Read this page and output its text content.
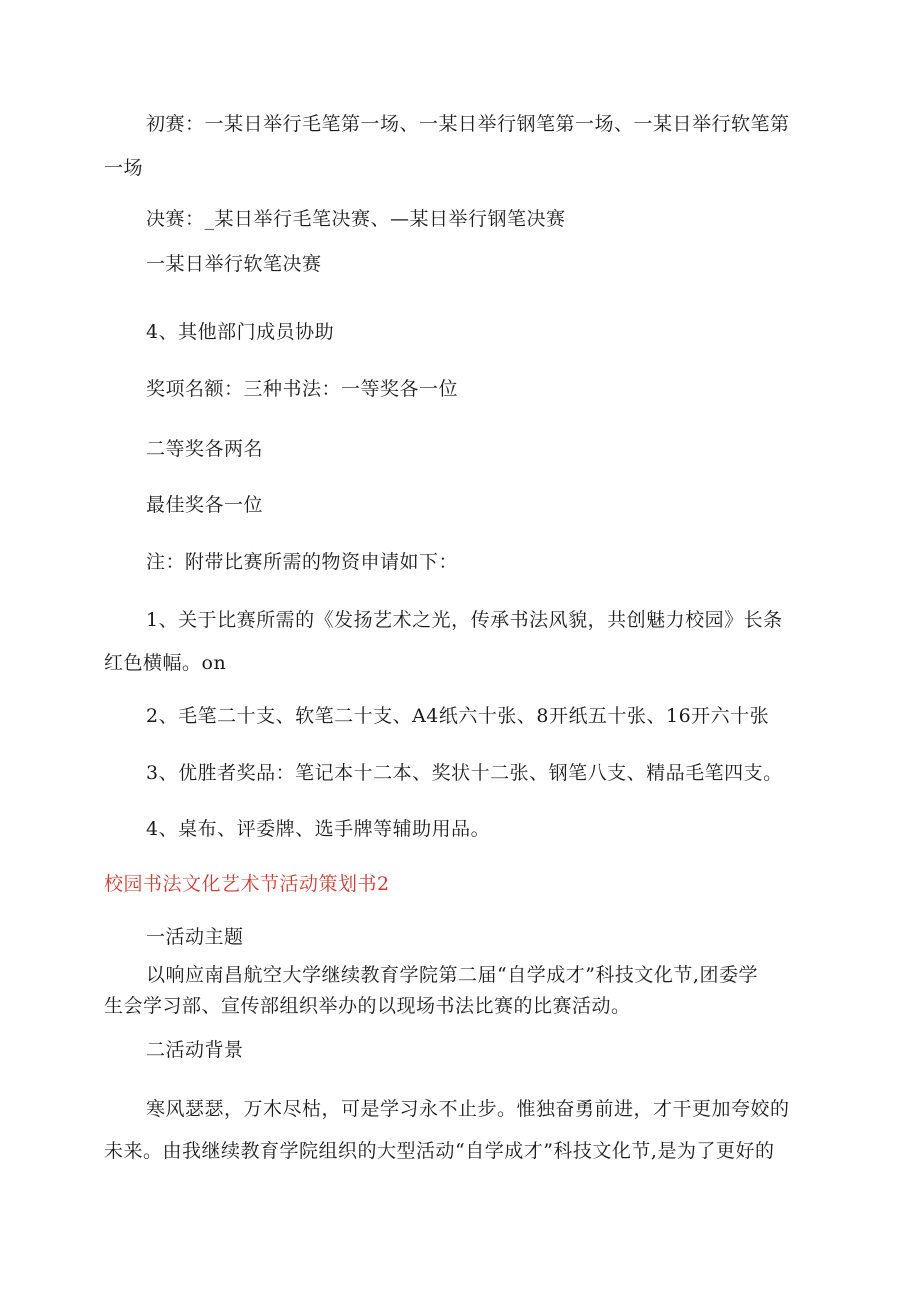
初赛：一某日举行毛笔第一场、一某日举行钢笔第一场、一某日举行软笔第
一场
决赛：_某日举行毛笔决赛、—某日举行钢笔决赛
一某日举行软笔决赛
4、其他部门成员协助
奖项名额：三种书法：一等奖各一位
二等奖各两名
最佳奖各一位
注：附带比赛所需的物资申请如下：
1、关于比赛所需的《发扬艺术之光，传承书法风貌，共创魅力校园》长条
红色横幅。on
2、毛笔二十支、软笔二十支、A4纸六十张、8开纸五十张、16开六十张
3、优胜者奖品：笔记本十二本、奖状十二张、钢笔八支、精品毛笔四支。
4、桌布、评委牌、选手牌等辅助用品。
校园书法文化艺术节活动策划书2
一活动主题
以响应南昌航空大学继续教育学院第二届“自学成才”科技文化节,团委学
生会学习部、宣传部组织举办的以现场书法比赛的比赛活动。
二活动背景
寒风瑟瑟，万木尽枯，可是学习永不止步。惟独奋勇前进，才干更加夸姣的
未来。由我继续教育学院组织的大型活动“自学成才”科技文化节,是为了更好的
